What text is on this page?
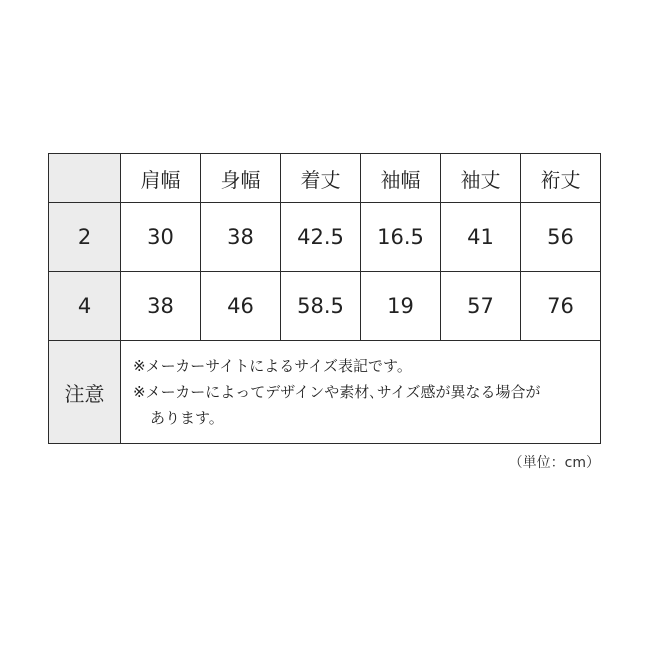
	肩幅	身幅	着丈	袖幅	袖丈	裄丈
2	30	38	42.5	16.5	41	56
4	38	46	58.5	19	57	76
注意	※メーカーサイトによるサイズ表記です。
※メーカーによってデザインや素材､サイズ感が異なる場合が
あります。					
（単位：cm）
